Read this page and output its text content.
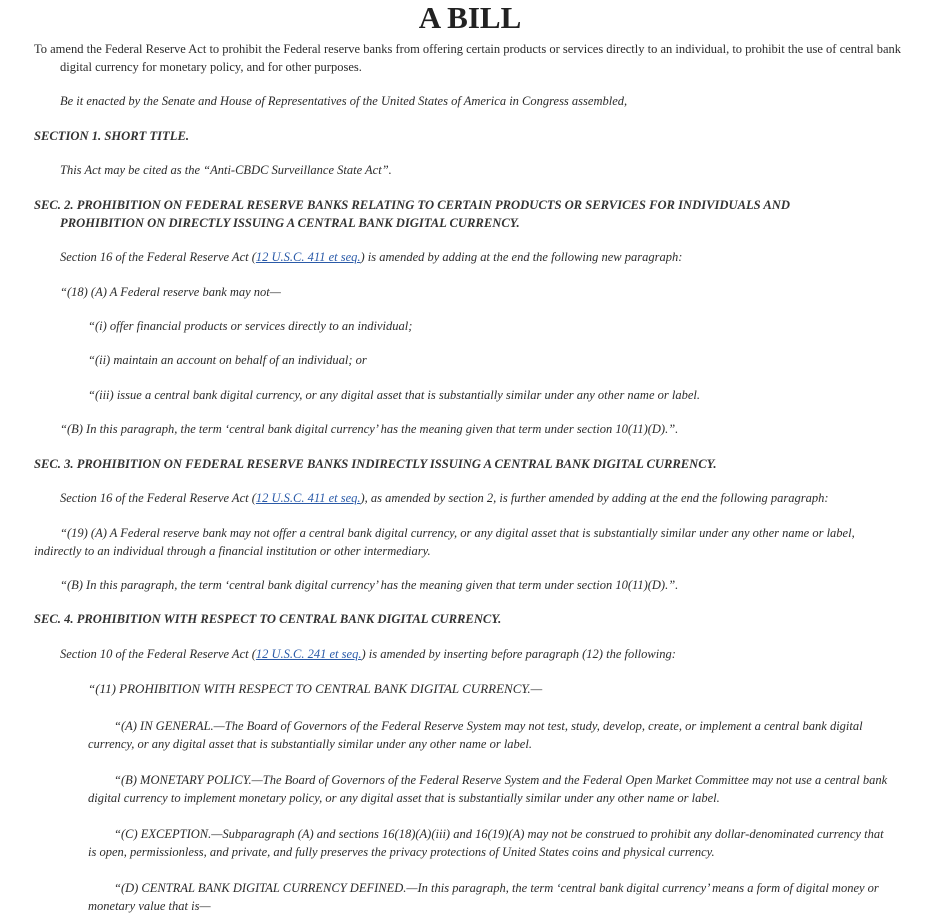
A BILL

To amend the Federal Reserve Act to prohibit the Federal reserve banks from offering certain products or services directly to an individual, to prohibit the use of central bank digital currency for monetary policy, and for other purposes.

Be it enacted by the Senate and House of Representatives of the United States of America in Congress assembled,

SECTION 1. SHORT TITLE.

This Act may be cited as the “Anti-CBDC Surveillance State Act”.

SEC. 2. PROHIBITION ON FEDERAL RESERVE BANKS RELATING TO CERTAIN PRODUCTS OR SERVICES FOR INDIVIDUALS AND

PROHIBITION ON DIRECTLY ISSUING A CENTRAL BANK DIGITAL CURRENCY.

Section 16 of the Federal Reserve Act (12 U.S.C. 411 et seq.) is amended by adding at the end the following new paragraph:

“(18) (A) A Federal reserve bank may not—

“(i) offer financial products or services directly to an individual;

“(ii) maintain an account on behalf of an individual; or

“(iii) issue a central bank digital currency, or any digital asset that is substantially similar under any other name or label.

“(B) In this paragraph, the term ‘central bank digital currency’ has the meaning given that term under section 10(11)(D).”.

SEC. 3. PROHIBITION ON FEDERAL RESERVE BANKS INDIRECTLY ISSUING A CENTRAL BANK DIGITAL CURRENCY.

Section 16 of the Federal Reserve Act (12 U.S.C. 411 et seq.), as amended by section 2, is further amended by adding at the end the following paragraph:

“(19) (A) A Federal reserve bank may not offer a central bank digital currency, or any digital asset that is substantially similar under any other name or label, indirectly to an individual through a financial institution or other intermediary.

“(B) In this paragraph, the term ‘central bank digital currency’ has the meaning given that term under section 10(11)(D).”.

SEC. 4. PROHIBITION WITH RESPECT TO CENTRAL BANK DIGITAL CURRENCY.

Section 10 of the Federal Reserve Act (12 U.S.C. 241 et seq.) is amended by inserting before paragraph (12) the following:

“(11) PROHIBITION WITH RESPECT TO CENTRAL BANK DIGITAL CURRENCY.—

“(A) IN GENERAL.—The Board of Governors of the Federal Reserve System may not test, study, develop, create, or implement a central bank digital currency, or any digital asset that is substantially similar under any other name or label.

“(B) MONETARY POLICY.—The Board of Governors of the Federal Reserve System and the Federal Open Market Committee may not use a central bank digital currency to implement monetary policy, or any digital asset that is substantially similar under any other name or label.

“(C) EXCEPTION.—Subparagraph (A) and sections 16(18)(A)(iii) and 16(19)(A) may not be construed to prohibit any dollar-denominated currency that is open, permissionless, and private, and fully preserves the privacy protections of United States coins and physical currency.

“(D) CENTRAL BANK DIGITAL CURRENCY DEFINED.—In this paragraph, the term ‘central bank digital currency’ means a form of digital money or monetary value that is—
